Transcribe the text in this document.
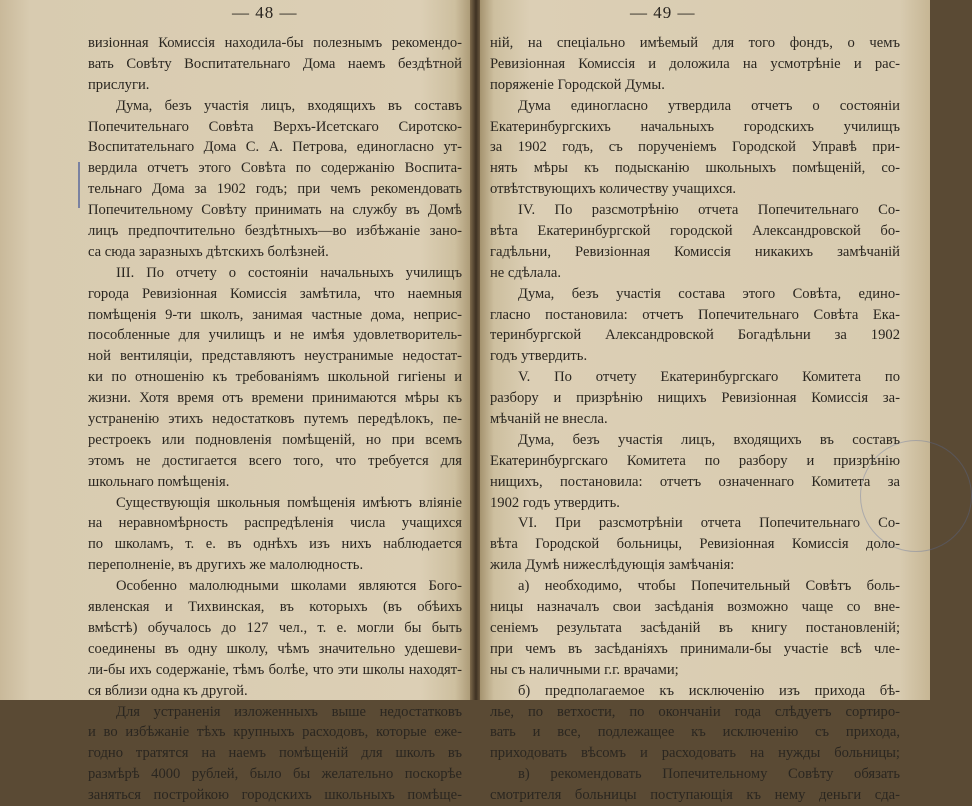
— 48 —
визіонная Комиссія находила-бы полезнымъ рекомендо-
вать Совѣту Воспитательнаго Дома наемъ бездѣтной
прислуги.
Дума, безъ участія лицъ, входящихъ въ составъ
Попечительнаго Совѣта Верхъ-Исетскаго Сиротско-
Воспитательнаго Дома С. А. Петрова, единогласно ут-
вердила отчетъ этого Совѣта по содержанію Воспита-
тельнаго Дома за 1902 годъ; при чемъ рекомендовать
Попечительному Совѣту принимать на службу въ Домѣ
лицъ предпочтительно бездѣтныхъ—во избѣжаніе зано-
са сюда заразныхъ дѣтскихъ болѣзней.
III. По отчету о состояніи начальныхъ училищъ
города Ревизіонная Комиссія замѣтила, что наемныя
помѣщенія 9-ти школъ, занимая частные дома, неприс-
пособленные для училищъ и не имѣя удовлетворитель-
ной вентиляціи, представляютъ неустранимые недостат-
ки по отношенію къ требованіямъ школьной гигіены и
жизни. Хотя время отъ времени принимаются мѣры къ
устраненію этихъ недостатковъ путемъ передѣлокъ, пе-
рестроекъ или подновленія помѣщеній, но при всемъ
этомъ не достигается всего того, что требуется для
школьнаго помѣщенія.
Существующія школьныя помѣщенія имѣютъ вліяніе
на неравномѣрность распредѣленія числа учащихся
по школамъ, т. е. въ однѣхъ изъ нихъ наблюдается
переполненіе, въ другихъ же малолюдность.
Особенно малолюдными школами являются Бого-
явленская и Тихвинская, въ которыхъ (въ обѣихъ
вмѣстѣ) обучалось до 127 чел., т. е. могли бы быть
соединены въ одну школу, чѣмъ значительно удешеви-
ли-бы ихъ содержаніе, тѣмъ болѣе, что эти школы находят-
ся вблизи одна къ другой.
Для устраненія изложенныхъ выше недостатковъ
и во избѣжаніе тѣхъ крупныхъ расходовъ, которые еже-
годно тратятся на наемъ помѣщеній для школъ въ
размѣрѣ 4000 рублей, было бы желательно поскорѣе
заняться постройкою городскихъ школьныхъ помѣще-
— 49 —
ній, на спеціально имѣемый для того фондъ, о чемъ
Ревизіонная Комиссія и доложила на усмотрѣніе и рас-
поряженіе Городской Думы.
Дума единогласно утвердила отчетъ о состояніи
Екатеринбургскихъ начальныхъ городскихъ училищъ
за 1902 годъ, съ порученіемъ Городской Управѣ при-
нять мѣры къ подысканію школьныхъ помѣщеній, со-
отвѣтствующихъ количеству учащихся.
IV. По разсмотрѣнію отчета Попечительнаго Со-
вѣта Екатеринбургской городской Александровской бо-
гадѣльни, Ревизіонная Комиссія никакихъ замѣчаній
не сдѣлала.
Дума, безъ участія состава этого Совѣта, едино-
гласно постановила: отчетъ Попечительнаго Совѣта Ека-
теринбургской Александровской Богадѣльни за 1902
годъ утвердить.
V. По отчету Екатеринбургскаго Комитета по
разбору и призрѣнію нищихъ Ревизіонная Комиссія за-
мѣчаній не внесла.
Дума, безъ участія лицъ, входящихъ въ составъ
Екатеринбургскаго Комитета по разбору и призрѣнію
нищихъ, постановила: отчетъ означеннаго Комитета за
1902 годъ утвердить.
VI. При разсмотрѣніи отчета Попечительнаго Со-
вѣта Городской больницы, Ревизіонная Комиссія доло-
жила Думѣ нижеслѣдующія замѣчанія:
а) необходимо, чтобы Попечительный Совѣтъ боль-
ницы назначалъ свои засѣданія возможно чаще со вне-
сеніемъ результата засѣданій въ книгу постановленій;
при чемъ въ засѣданіяхъ принимали-бы участіе всѣ чле-
ны съ наличными г.г. врачами;
б) предполагаемое къ исключенію изъ прихода бѣ-
лье, по ветхости, по окончаніи года слѣдуетъ сортиро-
вать и все, подлежащее къ исключенію съ прихода,
приходовать вѣсомъ и расходовать на нужды больницы;
в) рекомендовать Попечительному Совѣту обязать
смотрителя больницы поступающія къ нему деньги сда-
